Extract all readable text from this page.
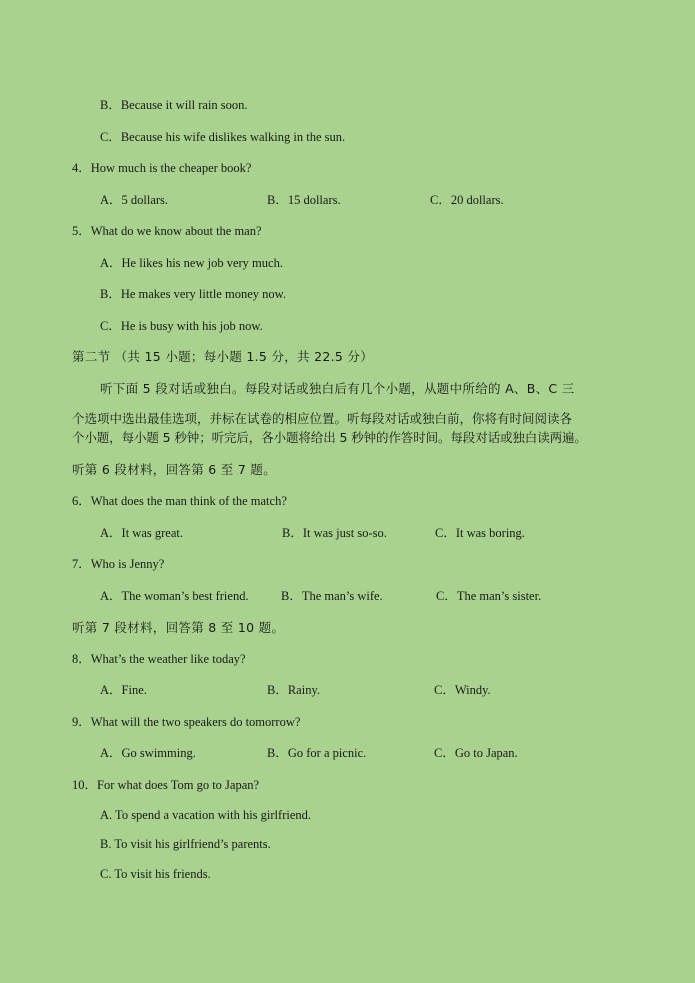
B．Because it will rain soon.
C．Because his wife dislikes walking in the sun.
4．How much is the cheaper book?
A．5 dollars.	B．15 dollars.	C．20 dollars.
5．What do we know about the man?
A．He likes his new job very much.
B．He makes very little money now.
C．He is busy with his job now.
第二节 （共 15 小题；每小题 1.5 分，共 22.5 分）
听下面 5 段对话或独白。每段对话或独白后有几个小题，从题中所给的 A、B、C 三
个选项中选出最佳选项，并标在试卷的相应位置。听每段对话或独白前，你将有时间阅读各
个小题，每小题 5 秒钟；听完后，各小题将给出 5 秒钟的作答时间。每段对话或独白读两遍。
听第 6 段材料，回答第 6 至 7 题。
6．What does the man think of the match?
A．It was great.	B．It was just so-so.	C．It was boring.
7．Who is Jenny?
A．The woman’s best friend.	B．The man’s wife.	C．The man’s sister.
听第 7 段材料，回答第 8 至 10 题。
8．What’s the weather like today?
A．Fine.	B．Rainy.	C．Windy.
9．What will the two speakers do tomorrow?
A．Go swimming.	B．Go for a picnic.	C．Go to Japan.
10．For what does Tom go to Japan?
A. To spend a vacation with his girlfriend.
B. To visit his girlfriend’s parents.
C. To visit his friends.
